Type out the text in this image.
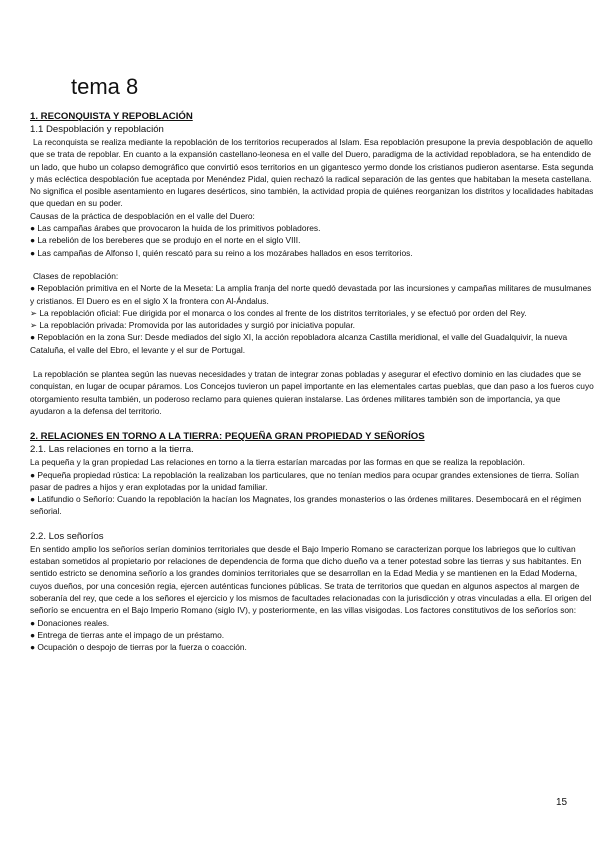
tema 8

1. RECONQUISTA Y REPOBLACIÓN

1.1 Despoblación y repoblación

La reconquista se realiza mediante la repoblación de los territorios recuperados al Islam. Esa repoblación presupone la previa despoblación de aquello que se trata de repoblar. En cuanto a la expansión castellano-leonesa en el valle del Duero, paradigma de la actividad repobladora, se ha entendido de un lado, que hubo un colapso demográfico que convirtió esos territorios en un gigantesco yermo donde los cristianos pudieron asentarse. Esta segunda y más ecléctica despoblación fue aceptada por Menéndez Pidal, quien rechazó la radical separación de las gentes que habitaban la meseta castellana. No significa el posible asentamiento en lugares desérticos, sino también, la actividad propia de quiénes reorganizan los distritos y localidades habitadas que quedan en su poder.

Causas de la práctica de despoblación en el valle del Duero:

● Las campañas árabes que provocaron la huida de los primitivos pobladores.

● La rebelión de los bereberes que se produjo en el norte en el siglo VIII.

● Las campañas de Alfonso I, quién rescató para su reino a los mozárabes hallados en esos territorios.

Clases de repoblación:

● Repoblación primitiva en el Norte de la Meseta: La amplia franja del norte quedó devastada por las incursiones y campañas militares de musulmanes y cristianos. El Duero es en el siglo X la frontera con Al-Ándalus.

➢ La repoblación oficial: Fue dirigida por el monarca o los condes al frente de los distritos territoriales, y se efectuó por orden del Rey.

➢ La repoblación privada: Promovida por las autoridades y surgió por iniciativa popular.

● Repoblación en la zona Sur: Desde mediados del siglo XI, la acción repobladora alcanza Castilla meridional, el valle del Guadalquivir, la nueva Cataluña, el valle del Ebro, el levante y el sur de Portugal.

La repoblación se plantea según las nuevas necesidades y tratan de integrar zonas pobladas y asegurar el efectivo dominio en las ciudades que se conquistan, en lugar de ocupar páramos. Los Concejos tuvieron un papel importante en las elementales cartas pueblas, que dan paso a los fueros cuyo otorgamiento resulta también, un poderoso reclamo para quienes quieran instalarse. Las órdenes militares también son de importancia, ya que ayudaron a la defensa del territorio.

2. RELACIONES EN TORNO A LA TIERRA: PEQUEÑA GRAN PROPIEDAD Y SEÑORÍOS

2.1. Las relaciones en torno a la tierra.

La pequeña y la gran propiedad Las relaciones en torno a la tierra estarían marcadas por las formas en que se realiza la repoblación.

● Pequeña propiedad rústica: La repoblación la realizaban los particulares, que no tenían medios para ocupar grandes extensiones de tierra. Solían pasar de padres a hijos y eran explotadas por la unidad familiar.

● Latifundio o Señorío: Cuando la repoblación la hacían los Magnates, los grandes monasterios o las órdenes militares. Desembocará en el régimen señorial.

2.2. Los señoríos

En sentido amplio los señoríos serían dominios territoriales que desde el Bajo Imperio Romano se caracterizan porque los labriegos que lo cultivan estaban sometidos al propietario por relaciones de dependencia de forma que dicho dueño va a tener potestad sobre las tierras y sus habitantes. En sentido estricto se denomina señorío a los grandes dominios territoriales que se desarrollan en la Edad Media y se mantienen en la Edad Moderna, cuyos dueños, por una concesión regia, ejercen auténticas funciones públicas. Se trata de territorios que quedan en algunos aspectos al margen de soberanía del rey, que cede a los señores el ejercicio y los mismos de facultades relacionadas con la jurisdicción y otras vinculadas a ella. El origen del señorío se encuentra en el Bajo Imperio Romano (siglo IV), y posteriormente, en las villas visigodas. Los factores constitutivos de los señoríos son:

● Donaciones reales.

● Entrega de tierras ante el impago de un préstamo.

● Ocupación o despojo de tierras por la fuerza o coacción.

15
